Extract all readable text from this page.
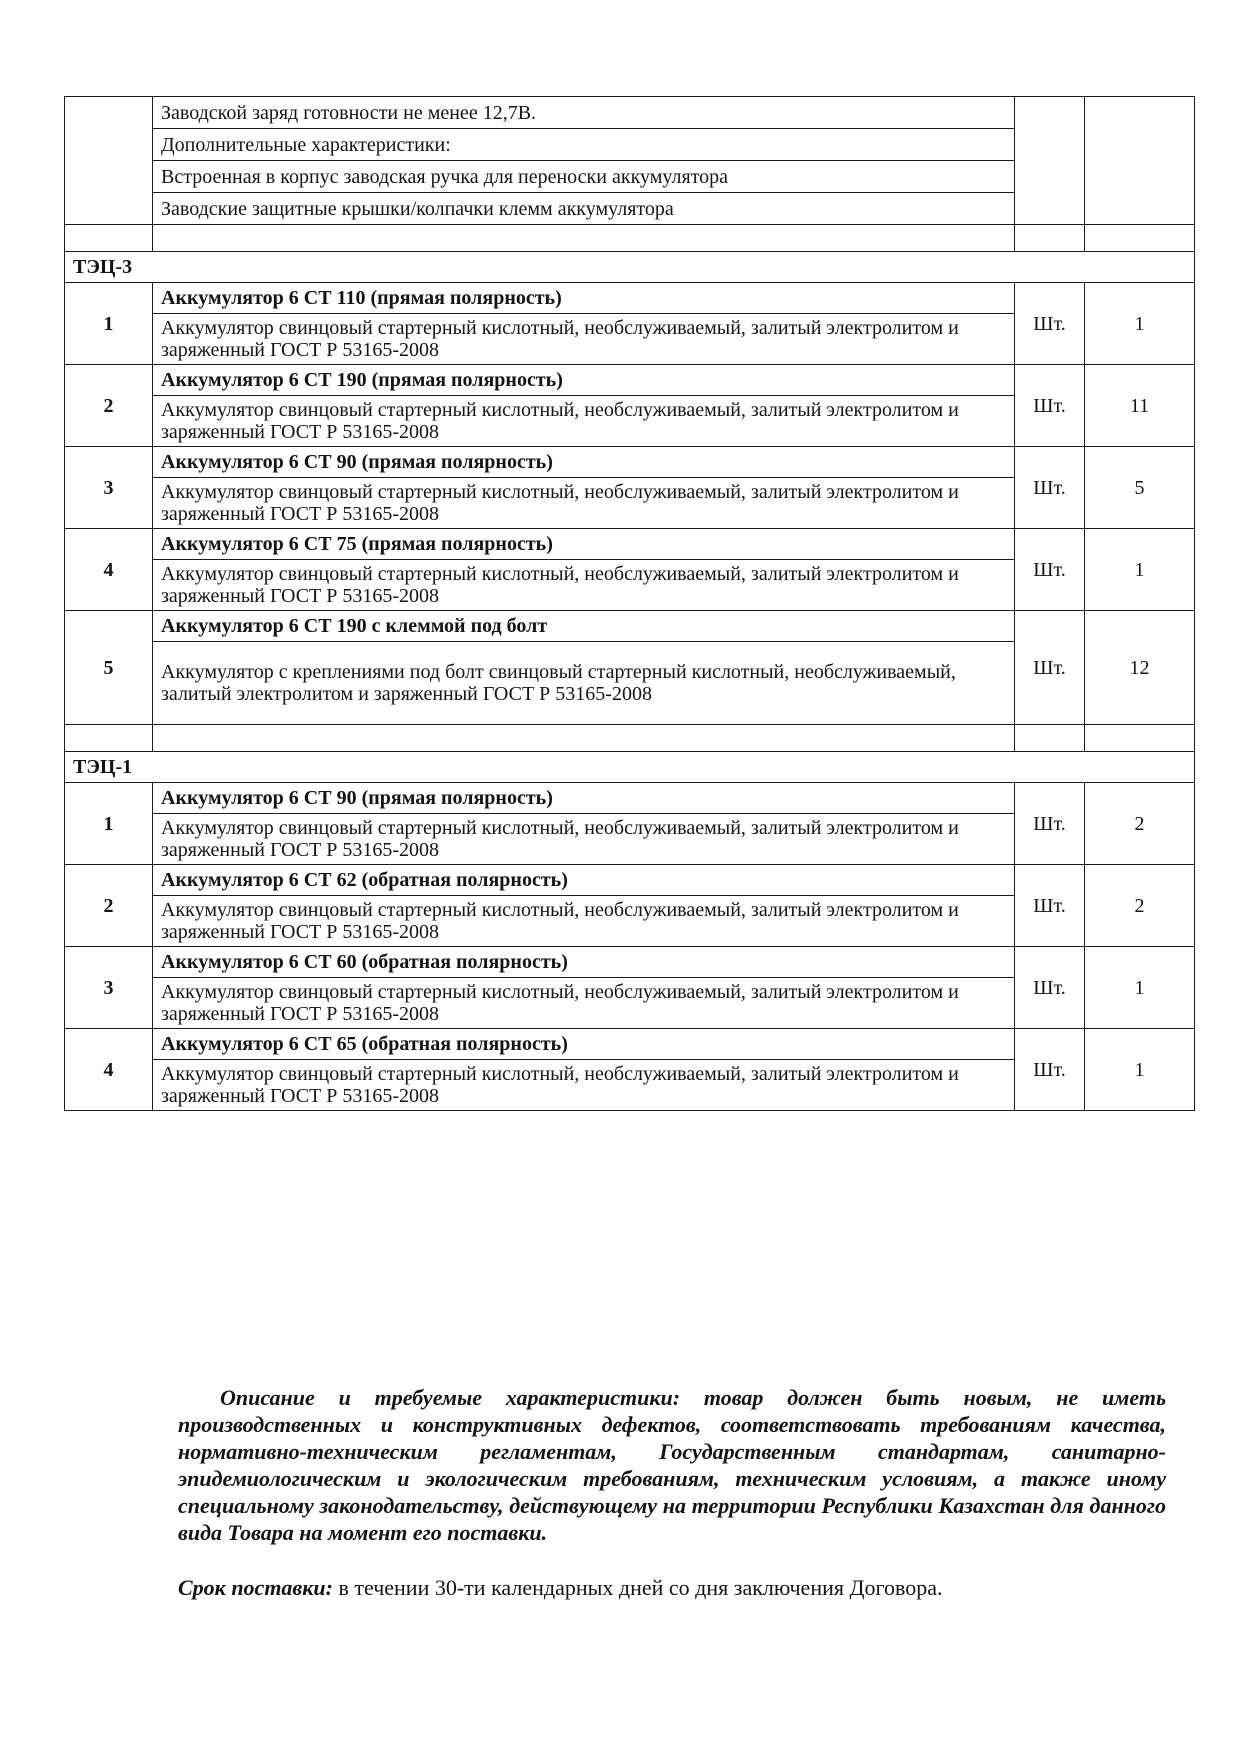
	Заводской заряд готовности не менее 12,7В.		
	Дополнительные характеристики:		
	Встроенная в корпус заводская ручка для переноски аккумулятора		
	Заводские защитные крышки/колпачки клемм аккумулятора		

ТЭЦ-3			
1	Аккумулятор 6 СТ 110 (прямая полярность)	Шт.	1
	Аккумулятор свинцовый стартерный кислотный, необслуживаемый, залитый электролитом и заряженный ГОСТ Р 53165-2008		
2	Аккумулятор 6 СТ 190 (прямая полярность)	Шт.	11
	Аккумулятор свинцовый стартерный кислотный, необслуживаемый, залитый электролитом и заряженный ГОСТ Р 53165-2008		
3	Аккумулятор 6 СТ 90 (прямая полярность)	Шт.	5
	Аккумулятор свинцовый стартерный кислотный, необслуживаемый, залитый электролитом и заряженный ГОСТ Р 53165-2008		
4	Аккумулятор 6 СТ 75 (прямая полярность)	Шт.	1
	Аккумулятор свинцовый стартерный кислотный, необслуживаемый, залитый электролитом и заряженный ГОСТ Р 53165-2008		
5	Аккумулятор 6 СТ 190 с клеммой под болт	Шт.	12
	Аккумулятор с креплениями под болт свинцовый стартерный кислотный, необслуживаемый, залитый электролитом и заряженный ГОСТ Р 53165-2008		

ТЭЦ-1			
1	Аккумулятор 6 СТ 90 (прямая полярность)	Шт.	2
	Аккумулятор свинцовый стартерный кислотный, необслуживаемый, залитый электролитом и заряженный ГОСТ Р 53165-2008		
2	Аккумулятор 6 СТ 62 (обратная полярность)	Шт.	2
	Аккумулятор свинцовый стартерный кислотный, необслуживаемый, залитый электролитом и заряженный ГОСТ Р 53165-2008		
3	Аккумулятор 6 СТ 60 (обратная полярность)	Шт.	1
	Аккумулятор свинцовый стартерный кислотный, необслуживаемый, залитый электролитом и заряженный ГОСТ Р 53165-2008		
4	Аккумулятор 6 СТ 65 (обратная полярность)	Шт.	1
	Аккумулятор свинцовый стартерный кислотный, необслуживаемый, залитый электролитом и заряженный ГОСТ Р 53165-2008		

Описание и требуемые характеристики: товар должен быть новым, не иметь производственных и конструктивных дефектов, соответствовать требованиям качества, нормативно-техническим регламентам, Государственным стандартам, санитарно-эпидемиологическим и экологическим требованиям, техническим условиям, а также иному специальному законодательству, действующему на территории Республики Казахстан для данного вида Товара на момент его поставки.

Срок поставки: в течении 30-ти календарных дней со дня заключения Договора.
